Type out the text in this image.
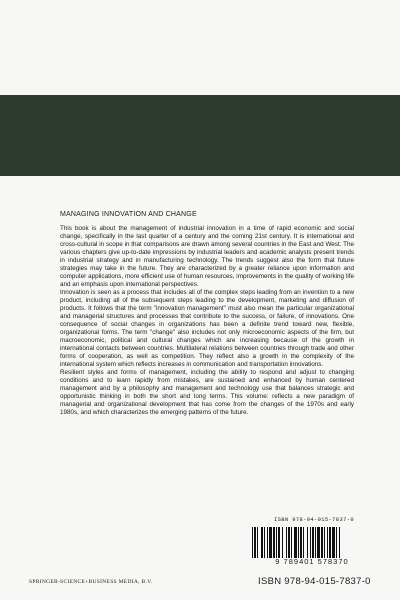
MANAGING INNOVATION AND CHANGE

This book is about the management of industrial innovation in a time of rapid economic and social change, specifically in the last quarter of a century and the coming 21st century. It is international and cross-cultural in scope in that comparisons are drawn among several countries in the East and West. The various chapters give up-to-date impressions by industrial leaders and academic analysts present trends in industrial strategy and in manufacturing technology. The trends suggest also the form that future strategies may take in the future. They are characterized by a greater reliance upon information and computer applications, more efficient use of human resources, improvements in the quality of working life and an emphasis upon international perspectives.

Innovation is seen as a process that includes all of the complex steps leading from an invention to a new product, including all of the subsequent steps leading to the development, marketing and diffusion of products. It follows that the term "innovation management" must also mean the particular organizational and managerial structures and processes that contribute to the success, or failure, of innovations. One consequence of social changes in organizations has been a definite trend toward new, flexible, organizational forms. The term "change" also includes not only microeconomic aspects of the firm, but macroeconomic, political and cultural changes which are increasing because of the growth in international contacts between countries. Multilateral relations between countries through trade and other forms of cooperation, as well as competition. They reflect also a growth in the complexity of the international system which reflects increases in communication and transportation innovations.

Resilient styles and forms of management, including the ability to respond and adjust to changing conditions and to learn rapidly from mistakes, are sustained and enhanced by human centered management and by a philosophy and management and technology use that balances strategic and opportunistic thinking in both the short and long terms. This volume: reflects a new paradigm of managerial and organizational development that has come from the changes of the 1970s and early 1980s, and which characterizes the emerging patterns of the future.

ISBN 978-94-015-7837-0
9 789401 578370
SPRINGER-SCIENCE+BUSINESS MEDIA, B.V.	ISBN 978-94-015-7837-0
